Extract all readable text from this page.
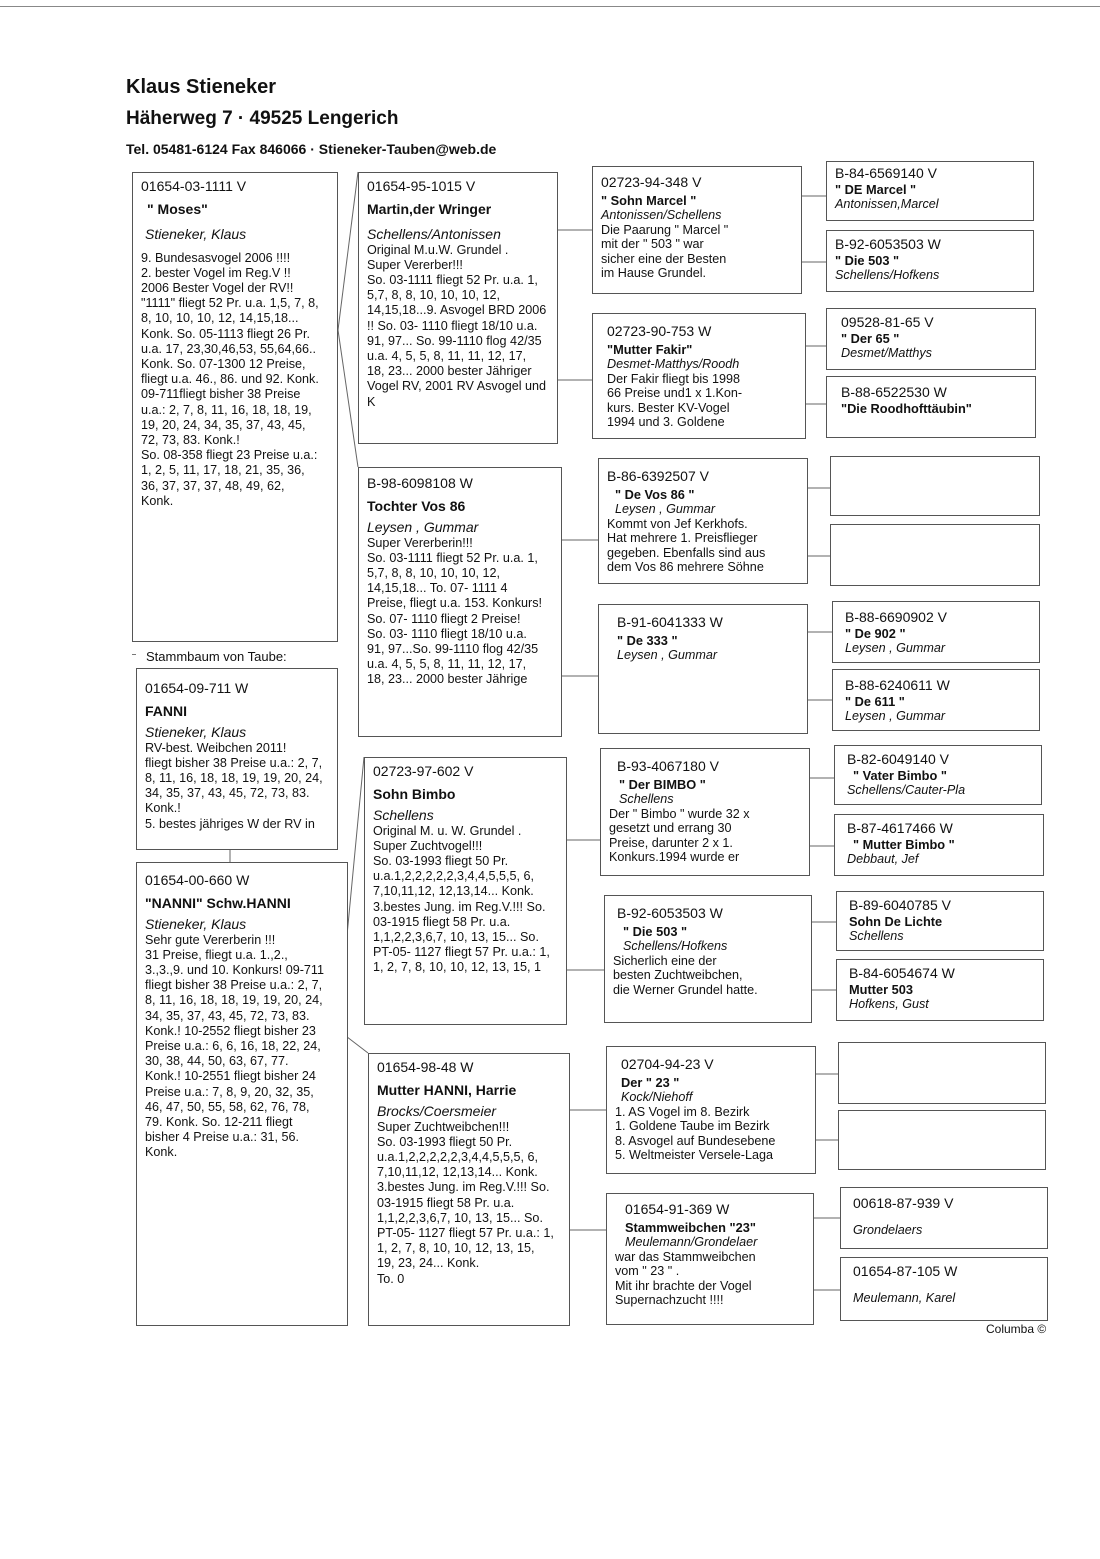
Klaus Stieneker
Häherweg 7 · 49525 Lengerich
Tel. 05481-6124 Fax 846066 · Stieneker-Tauben@web.de
01654-03-1111 V
" Moses"
Stieneker, Klaus
9. Bundesasvogel 2006 !!!!
2. bester Vogel im Reg.V !!
2006 Bester Vogel der RV!!
"1111" fliegt 52 Pr. u.a. 1,5, 7, 8,
8, 10, 10, 10, 12, 14,15,18...
Konk. So. 05-1113 fliegt 26 Pr.
u.a. 17, 23,30,46,53, 55,64,66..
Konk. So. 07-1300 12 Preise,
fliegt u.a. 46., 86. und 92. Konk.
09-711fliegt bisher 38 Preise
u.a.: 2, 7, 8, 11, 16, 18, 18, 19,
19, 20, 24, 34, 35, 37, 43, 45,
72, 73, 83. Konk.!
So. 08-358 fliegt 23 Preise u.a.:
1, 2, 5, 11, 17, 18, 21, 35, 36,
36, 37, 37, 37, 48, 49, 62,
Konk.
Stammbaum von Taube:
01654-09-711 W
FANNI
Stieneker, Klaus
RV-best. Weibchen 2011!
fliegt bisher 38 Preise u.a.: 2, 7,
8, 11, 16, 18, 18, 19, 19, 20, 24,
34, 35, 37, 43, 45, 72, 73, 83.
Konk.!
5. bestes jähriges W der RV in
01654-00-660 W
"NANNI" Schw.HANNI
Stieneker, Klaus
Sehr gute Vererberin !!!
31 Preise, fliegt u.a. 1.,2.,
3.,3.,9. und 10. Konkurs! 09-711
fliegt bisher 38 Preise u.a.: 2, 7,
8, 11, 16, 18, 18, 19, 19, 20, 24,
34, 35, 37, 43, 45, 72, 73, 83.
Konk.! 10-2552 fliegt bisher 23
Preise u.a.: 6, 6, 16, 18, 22, 24,
30, 38, 44, 50, 63, 67, 77.
Konk.! 10-2551 fliegt bisher 24
Preise u.a.: 7, 8, 9, 20, 32, 35,
46, 47, 50, 55, 58, 62, 76, 78,
79. Konk. So. 12-211 fliegt
bisher 4 Preise u.a.: 31, 56.
Konk.
01654-95-1015 V
Martin,der Wringer
Schellens/Antonissen
Original M.u.W. Grundel .
Super Vererber!!!
So. 03-1111 fliegt 52 Pr. u.a. 1,
5,7, 8, 8, 10, 10, 10, 12,
14,15,18...9. Asvogel BRD 2006
!! So. 03- 1110 fliegt 18/10 u.a.
91, 97... So. 99-1110 flog 42/35
u.a. 4, 5, 5, 8, 11, 11, 12, 17,
18, 23... 2000 bester Jähriger
Vogel RV, 2001 RV Asvogel und
K
B-98-6098108 W
Tochter Vos 86
Leysen , Gummar
Super Vererberin!!!
So. 03-1111 fliegt 52 Pr. u.a. 1,
5,7, 8, 8, 10, 10, 10, 12,
14,15,18... To. 07- 1111 4
Preise, fliegt u.a. 153. Konkurs!
So. 07- 1110 fliegt 2 Preise!
So. 03- 1110 fliegt 18/10 u.a.
91, 97...So. 99-1110 flog 42/35
u.a. 4, 5, 5, 8, 11, 11, 12, 17,
18, 23... 2000 bester Jährige
02723-97-602 V
Sohn Bimbo
Schellens
Original M. u. W. Grundel .
Super Zuchtvogel!!!
So. 03-1993 fliegt 50 Pr.
u.a.1,2,2,2,2,2,3,4,4,5,5,5, 6,
7,10,11,12, 12,13,14... Konk.
3.bestes Jung. im Reg.V.!!! So.
03-1915 fliegt 58 Pr. u.a.
1,1,2,2,3,6,7, 10, 13, 15... So.
PT-05- 1127 fliegt 57 Pr. u.a.: 1,
1, 2, 7, 8, 10, 10, 12, 13, 15, 1
01654-98-48 W
Mutter HANNI, Harrie
Brocks/Coersmeier
Super Zuchtweibchen!!!
So. 03-1993 fliegt 50 Pr.
u.a.1,2,2,2,2,2,3,4,4,5,5,5, 6,
7,10,11,12, 12,13,14... Konk.
3.bestes Jung. im Reg.V.!!! So.
03-1915 fliegt 58 Pr. u.a.
1,1,2,2,3,6,7, 10, 13, 15... So.
PT-05- 1127 fliegt 57 Pr. u.a.: 1,
1, 2, 7, 8, 10, 10, 12, 13, 15,
19, 23, 24... Konk.
To. 0
02723-94-348 V
" Sohn Marcel "
Antonissen/Schellens
Die Paarung " Marcel "
mit der " 503 " war
sicher eine der Besten
im Hause Grundel.
02723-90-753 W
"Mutter Fakir"
Desmet-Matthys/Roodh
Der Fakir fliegt bis 1998
66 Preise und1 x 1.Kon-
kurs. Bester KV-Vogel
1994 und 3. Goldene
B-86-6392507 V
" De Vos 86 "
Leysen , Gummar
Kommt von Jef Kerkhofs.
Hat mehrere 1. Preisflieger
gegeben. Ebenfalls sind aus
dem Vos 86 mehrere Söhne
B-91-6041333 W
" De 333 "
Leysen , Gummar
B-93-4067180 V
" Der BIMBO "
Schellens
Der " Bimbo " wurde 32 x
gesetzt und errang 30
Preise, darunter 2 x 1.
Konkurs.1994 wurde er
B-92-6053503 W
" Die 503 "
Schellens/Hofkens
Sicherlich eine der
besten Zuchtweibchen,
die Werner Grundel hatte.
02704-94-23 V
Der " 23 "
Kock/Niehoff
1. AS Vogel im 8. Bezirk
1. Goldene Taube im Bezirk
8. Asvogel auf Bundesebene
5. Weltmeister Versele-Laga
01654-91-369 W
Stammweibchen "23"
Meulemann/Grondelaer
war das Stammweibchen
vom " 23 " .
Mit ihr brachte der Vogel
Supernachzucht !!!!
B-84-6569140 V
" DE Marcel "
Antonissen,Marcel
B-92-6053503 W
" Die 503 "
Schellens/Hofkens
09528-81-65 V
" Der 65 "
Desmet/Matthys
B-88-6522530 W
"Die Roodhofttäubin"
B-88-6690902 V
" De 902 "
Leysen , Gummar
B-88-6240611 W
" De 611 "
Leysen , Gummar
B-82-6049140 V
" Vater Bimbo "
Schellens/Cauter-Pla
B-87-4617466 W
" Mutter Bimbo "
Debbaut, Jef
B-89-6040785 V
Sohn De Lichte
Schellens
B-84-6054674 W
Mutter 503
Hofkens, Gust
00618-87-939 V
Grondelaers
01654-87-105 W
Meulemann, Karel
Columba ©
